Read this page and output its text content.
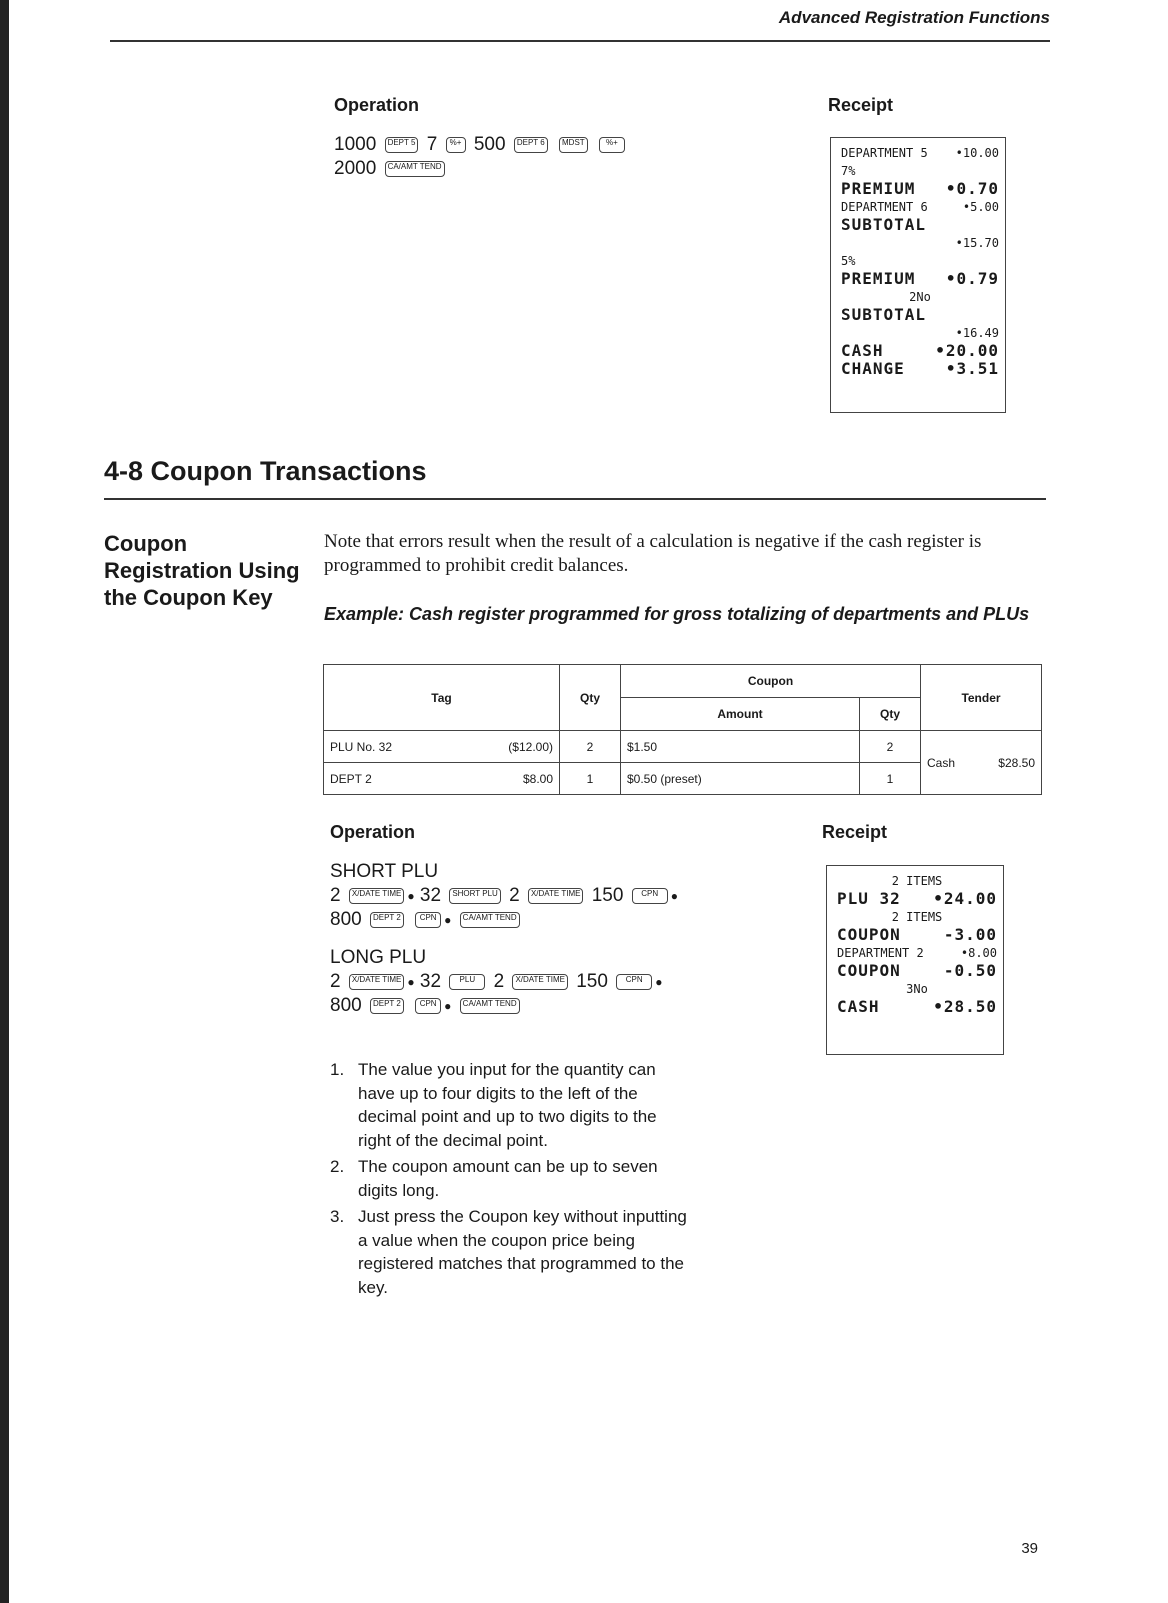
Advanced Registration Functions
Operation
1000 DEPT 5 7 %+ 500 DEPT 6 MDST	%+
2000 CA/AMT TEND
Receipt
DEPARTMENT 5 •10.00
7%
PREMIUM •0.70
DEPARTMENT 6	•5.00
SUBTOTAL
•15.70
5%
PREMIUM •0.79
2No
SUBTOTAL
•16.49
CASH	•20.00
CHANGE	•3.51
4-8 Coupon Transactions
Coupon Registration Using the Coupon Key
Note that errors result when the result of a calculation is negative if the cash register is programmed to prohibit credit balances.
Example: Cash register programmed for gross totalizing of departments and PLUs
Tag		Qty	Coupon		Tender
			Amount	Qty	
PLU No. 32	($12.00)	2	$1.50	2	Cash $28.50

DEPT 2	$8.00	1	$0.50 (preset)	1	
Operation
SHORT PLU
2 X/DATE TIME ● 32 SHORT PLU 2 X/DATE TIME 150 CPN ●
800 DEPT 2 CPN ● CA/AMT TEND
LONG PLU
2 X/DATE TIME ● 32 PLU 2 X/DATE TIME 150 CPN ●
800 DEPT 2 CPN ● CA/AMT TEND
1. The value you input for the quantity can have up to four digits to the left of the decimal point and up to two digits to the right of the decimal point.
2. The coupon amount can be up to seven digits long.
3. Just press the Coupon key without inputting a value when the coupon price being registered matches that programmed to the key.
Receipt
2 ITEMS
PLU 32 •24.00
2 ITEMS
COUPON	-3.00
DEPARTMENT 2	•8.00
COUPON	-0.50
3No
CASH	•28.50
39
